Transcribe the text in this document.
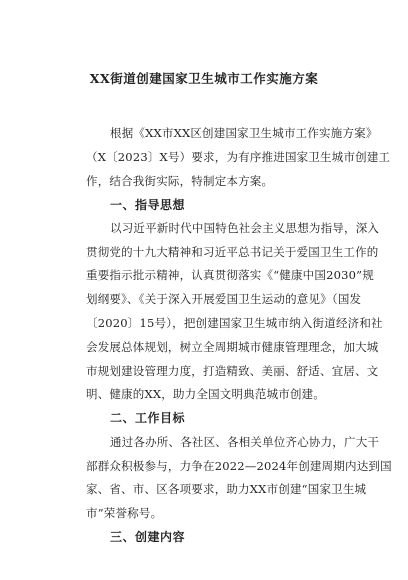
XX街道创建国家卫生城市工作实施方案
根据《XX市XX区创建国家卫生城市工作实施方案》
（X〔2023〕X号）要求，为有序推进国家卫生城市创建工
作，结合我街实际，特制定本方案。
一、指导思想
以习近平新时代中国特色社会主义思想为指导，深入
贯彻党的十九大精神和习近平总书记关于爱国卫生工作的
重要指示批示精神，认真贯彻落实《“健康中国2030”规
划纲要》、《关于深入开展爱国卫生运动的意见》（国发
〔2020〕15号），把创建国家卫生城市纳入街道经济和社
会发展总体规划，树立全周期城市健康管理理念，加大城
市规划建设管理力度，打造精致、美丽、舒适、宜居、文
明、健康的XX，助力全国文明典范城市创建。
二、工作目标
通过各办所、各社区、各相关单位齐心协力，广大干
部群众积极参与，力争在2022—2024年创建周期内达到国
家、省、市、区各项要求，助力XX市创建“国家卫生城
市”荣誉称号。
三、创建内容
